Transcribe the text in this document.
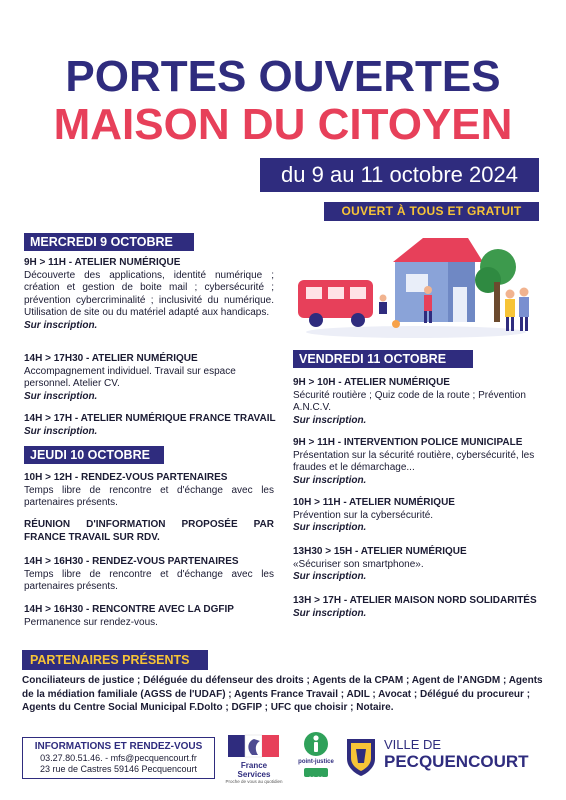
PORTES OUVERTES
MAISON DU CITOYEN
du 9 au 11 octobre 2024
OUVERT À TOUS ET GRATUIT
MERCREDI 9 OCTOBRE

9H > 11H - ATELIER NUMÉRIQUE

Découverte des applications, identité numérique ; création et gestion de boite mail ; cybersécurité ; prévention cybercriminalité ; inclusivité du numérique. Utilisation de site ou du matériel adapté aux handicaps.

Sur inscription.

14H > 17H30 - ATELIER NUMÉRIQUE

Accompagnement individuel. Travail sur espace personnel. Atelier CV.

Sur inscription.

14H > 17H - ATELIER NUMÉRIQUE FRANCE TRAVAIL

Sur inscription.

JEUDI 10 OCTOBRE

10H > 12H - RENDEZ-VOUS PARTENAIRES

Temps libre de rencontre et d'échange avec les partenaires présents.

RÉUNION D'INFORMATION PROPOSÉE PAR FRANCE TRAVAIL SUR RDV.

14H > 16H30 - RENDEZ-VOUS PARTENAIRES

Temps libre de rencontre et d'échange avec les partenaires présents.

14H > 16H30 - RENCONTRE AVEC LA DGFIP

Permanence sur rendez-vous.

VENDREDI 11 OCTOBRE

9H > 10H - ATELIER NUMÉRIQUE

Sécurité routière ; Quiz code de la route ; Prévention A.N.C.V.

Sur inscription.

9H > 11H - INTERVENTION POLICE MUNICIPALE

Présentation sur la sécurité routière, cybersécurité, les fraudes et le démarchage...

Sur inscription.

10H > 11H - ATELIER NUMÉRIQUE

Prévention sur la cybersécurité.

Sur inscription.

13H30 > 15H - ATELIER NUMÉRIQUE

«Sécuriser son smartphone».

Sur inscription.

13H > 17H - ATELIER MAISON NORD SOLIDARITÉS

Sur inscription.

PARTENAIRES PRÉSENTS
Conciliateurs de justice ; Déléguée du défenseur des droits ; Agents de la CPAM ; Agent de l'ANGDM ; Agents de la médiation familiale (AGSS de l'UDAF) ; Agents France Travail ; ADIL ; Avocat ; Délégué du procureur ; Agents du Centre Social Municipal F.Dolto ; DGFIP ; UFC que choisir ; Notaire.
INFORMATIONS ET RENDEZ-VOUS
03.27.80.51.46. - mfs@pecquencourt.fr
23 rue de Castres 59146 Pecquencourt	France Services
Proche de vous au quotidien
point-justice
30 39
VILLE DE
PECQUENCOURT
